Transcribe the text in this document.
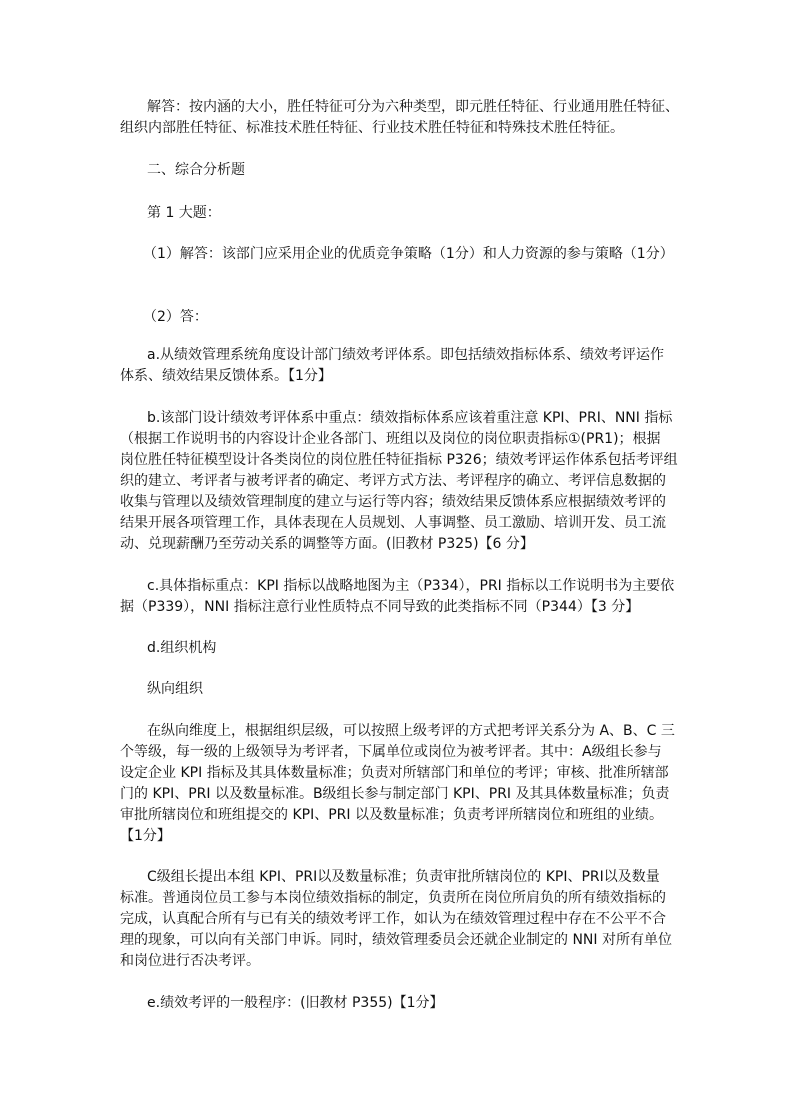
解答：按内涵的大小，胜任特征可分为六种类型，即元胜任特征、行业通用胜任特征、
组织内部胜任特征、标准技术胜任特征、行业技术胜任特征和特殊技术胜任特征。
二、综合分析题
第 1 大题：
（1）解答：该部门应采用企业的优质竞争策略（1分）和人力资源的参与策略（1分）
（2）答：
a.从绩效管理系统角度设计部门绩效考评体系。即包括绩效指标体系、绩效考评运作
体系、绩效结果反馈体系。【1分】
b.该部门设计绩效考评体系中重点：绩效指标体系应该着重注意 KPI、PRI、NNI 指标
（根据工作说明书的内容设计企业各部门、班组以及岗位的岗位职责指标①(PR1)；根据
岗位胜任特征模型设计各类岗位的岗位胜任特征指标 P326；绩效考评运作体系包括考评组
织的建立、考评者与被考评者的确定、考评方式方法、考评程序的确立、考评信息数据的
收集与管理以及绩效管理制度的建立与运行等内容；绩效结果反馈体系应根据绩效考评的
结果开展各项管理工作，具体表现在人员规划、人事调整、员工激励、培训开发、员工流
动、兑现薪酬乃至劳动关系的调整等方面。(旧教材 P325)【6 分】
c.具体指标重点：KPI 指标以战略地图为主（P334），PRI 指标以工作说明书为主要依
据（P339），NNI 指标注意行业性质特点不同导致的此类指标不同（P344）【3 分】
d.组织机构
纵向组织
在纵向维度上，根据组织层级，可以按照上级考评的方式把考评关系分为 A、B、C 三
个等级，每一级的上级领导为考评者，下属单位或岗位为被考评者。其中：A级组长参与
设定企业 KPI 指标及其具体数量标准；负责对所辖部门和单位的考评；审核、批准所辖部
门的 KPI、PRI 以及数量标准。B级组长参与制定部门 KPI、PRI 及其具体数量标准；负责
审批所辖岗位和班组提交的 KPI、PRI 以及数量标准；负责考评所辖岗位和班组的业绩。
【1分】
C级组长提出本组 KPI、PRI以及数量标准；负责审批所辖岗位的 KPI、PRI以及数量
标准。普通岗位员工参与本岗位绩效指标的制定，负责所在岗位所肩负的所有绩效指标的
完成，认真配合所有与已有关的绩效考评工作，如认为在绩效管理过程中存在不公平不合
理的现象，可以向有关部门申诉。同时，绩效管理委员会还就企业制定的 NNI 对所有单位
和岗位进行否决考评。
e.绩效考评的一般程序：(旧教材 P355)【1分】
